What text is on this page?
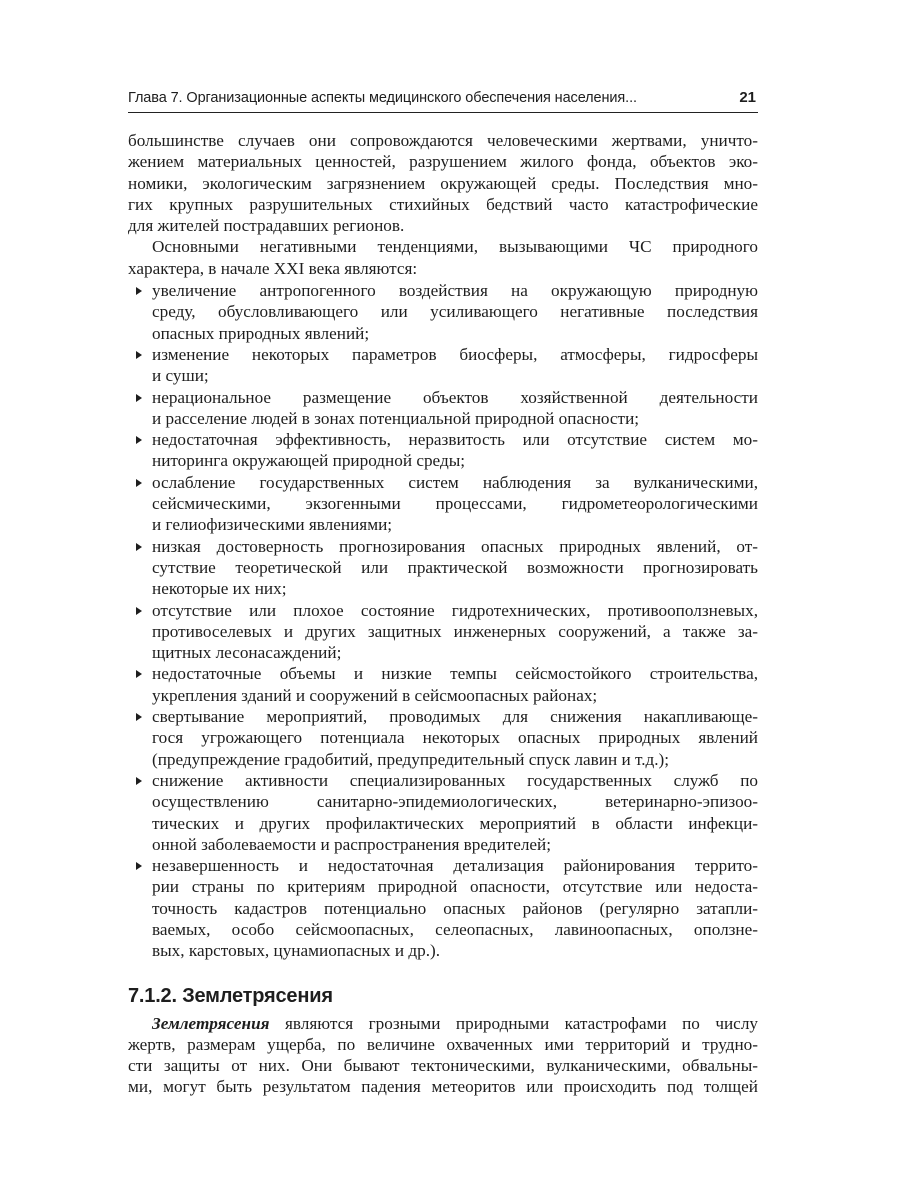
Глава 7. Организационные аспекты медицинского обеспечения населения...	21
большинстве случаев они сопровождаются человеческими жертвами, уничто-
жением материальных ценностей, разрушением жилого фонда, объектов эко-
номики, экологическим загрязнением окружающей среды. Последствия мно-
гих крупных разрушительных стихийных бедствий часто катастрофические
для жителей пострадавших регионов.
Основными негативными тенденциями, вызывающими ЧС природного
характера, в начале XXI века являются:
увеличение антропогенного воздействия на окружающую природную
среду, обусловливающего или усиливающего негативные последствия
опасных природных явлений;
изменение некоторых параметров биосферы, атмосферы, гидросферы
и суши;
нерациональное размещение объектов хозяйственной деятельности
и расселение людей в зонах потенциальной природной опасности;
недостаточная эффективность, неразвитость или отсутствие систем мо-
ниторинга окружающей природной среды;
ослабление государственных систем наблюдения за вулканическими,
сейсмическими, экзогенными процессами, гидрометеорологическими
и гелиофизическими явлениями;
низкая достоверность прогнозирования опасных природных явлений, от-
сутствие теоретической или практической возможности прогнозировать
некоторые их них;
отсутствие или плохое состояние гидротехнических, противооползневых,
противоселевых и других защитных инженерных сооружений, а также за-
щитных лесонасаждений;
недостаточные объемы и низкие темпы сейсмостойкого строительства,
укрепления зданий и сооружений в сейсмоопасных районах;
свертывание мероприятий, проводимых для снижения накапливающе-
гося угрожающего потенциала некоторых опасных природных явлений
(предупреждение градобитий, предупредительный спуск лавин и т.д.);
снижение активности специализированных государственных служб по
осуществлению санитарно-эпидемиологических, ветеринарно-эпизоо-
тических и других профилактических мероприятий в области инфекци-
онной заболеваемости и распространения вредителей;
незавершенность и недостаточная детализация районирования террито-
рии страны по критериям природной опасности, отсутствие или недоста-
точность кадастров потенциально опасных районов (регулярно затапли-
ваемых, особо сейсмоопасных, селеопасных, лавиноопасных, оползне-
вых, карстовых, цунамиопасных и др.).
7.1.2. Землетрясения
Землетрясения являются грозными природными катастрофами по числу
жертв, размерам ущерба, по величине охваченных ими территорий и трудно-
сти защиты от них. Они бывают тектоническими, вулканическими, обвальны-
ми, могут быть результатом падения метеоритов или происходить под толщей
